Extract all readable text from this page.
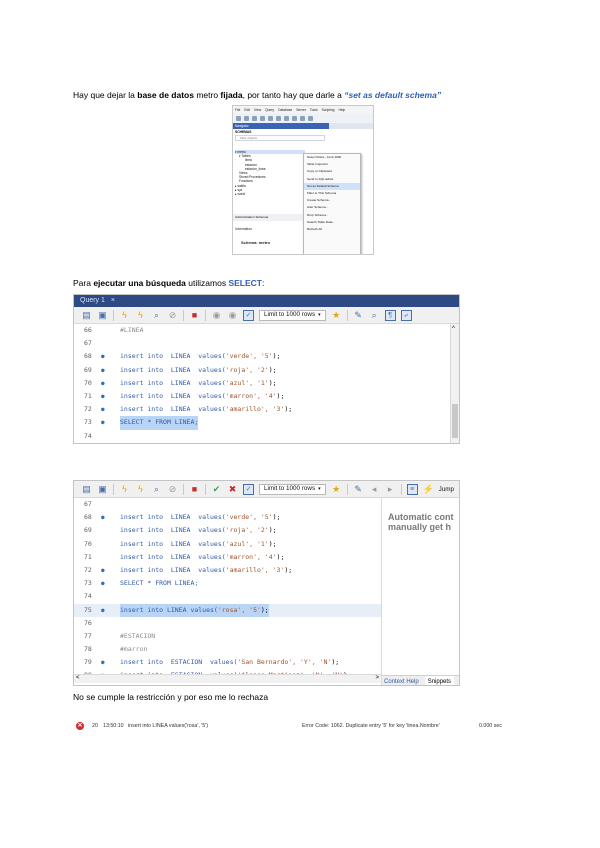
Hay que dejar la base de datos metro fijada, por tanto hay que darle a “set as default schema”
File Edit View Query Database Server Tools Scripting Help
Navigator
SCHEMAS
Filter objects
▾ metro
▾ Tables
linea
estacion
estacion_linea
Views
Stored Procedures
Functions
▸ sakila
▸ sys
▸ world
Administration Schemas
Information
Schema: metro
Select Rows - Limit 1000
Table Inspector
Copy to Clipboard
Send to SQL Editor
Set as Default Schema
Filter to This Schema
Create Schema...
Alter Schema...
Drop Schema...
Search Table Data...
Refresh All
Para ejecutar una búsqueda utilizamos SELECT:
Query 1 ×
▤ ▣	ϟ	ϟ	⌕	⊘	■	◉ ◉	✓	Limit to 1000 rows ▾ ★ ✎	⌕	¶	⤶
66	#LINEA
67
68 ● insert into  LINEA  values('verde', '5');
69 ● insert into  LINEA  values('roja', '2');
70 ● insert into  LINEA  values('azul', '1');
71 ● insert into  LINEA  values('marron', '4');
72 ● insert into  LINEA  values('amarillo', '3');
73 ● SELECT * FROM LINEA;
74
^
▤ ▣	ϟ	ϟ	⌕	⊘	■	✔ ✖	✓	Limit to 1000 rows ▾ ★ ✎	◂	▸	≡ ⚡ Jump
67
68 ● insert into  LINEA  values('verde', '5');
69	insert into  LINEA  values('roja', '2');
70	insert into  LINEA  values('azul', '1');
71	insert into  LINEA  values('marron', '4');
72 ● insert into  LINEA  values('amarillo', '3');
73 ● SELECT * FROM LINEA;
74
75 ● insert into LINEA values('rosa', '5');
76
77	#ESTACION
78	#marron
79 ● insert into  ESTACION  values('San Bernardo', 'Y', 'N');
<	>
Automatic cont
manually get h
Context Help	Snippets
No se cumple la restricción y por eso me lo rechaza
✕ 20 13:50:10 insert into LINEA values('rosa', '5')	Error Code: 1062. Duplicate entry '5' for key 'linea.Nombre'	0.000 sec
